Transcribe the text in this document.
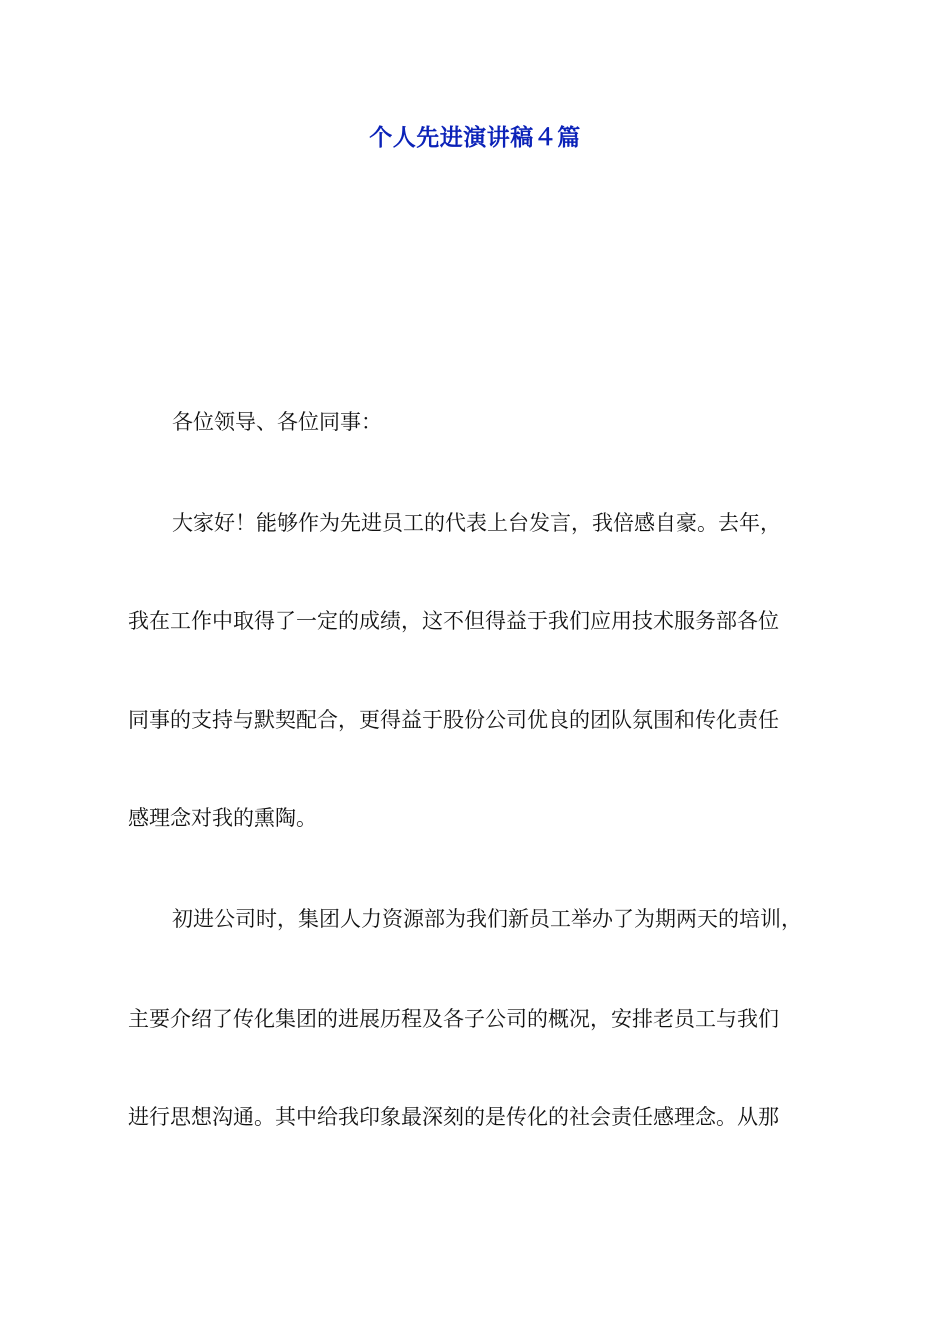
个人先进演讲稿４篇
各位领导、各位同事：
大家好！能够作为先进员工的代表上台发言，我倍感自豪。去年，
我在工作中取得了一定的成绩，这不但得益于我们应用技术服务部各位
同事的支持与默契配合，更得益于股份公司优良的团队氛围和传化责任
感理念对我的熏陶。
初进公司时，集团人力资源部为我们新员工举办了为期两天的培训，
主要介绍了传化集团的进展历程及各子公司的概况，安排老员工与我们
进行思想沟通。其中给我印象最深刻的是传化的社会责任感理念。从那
